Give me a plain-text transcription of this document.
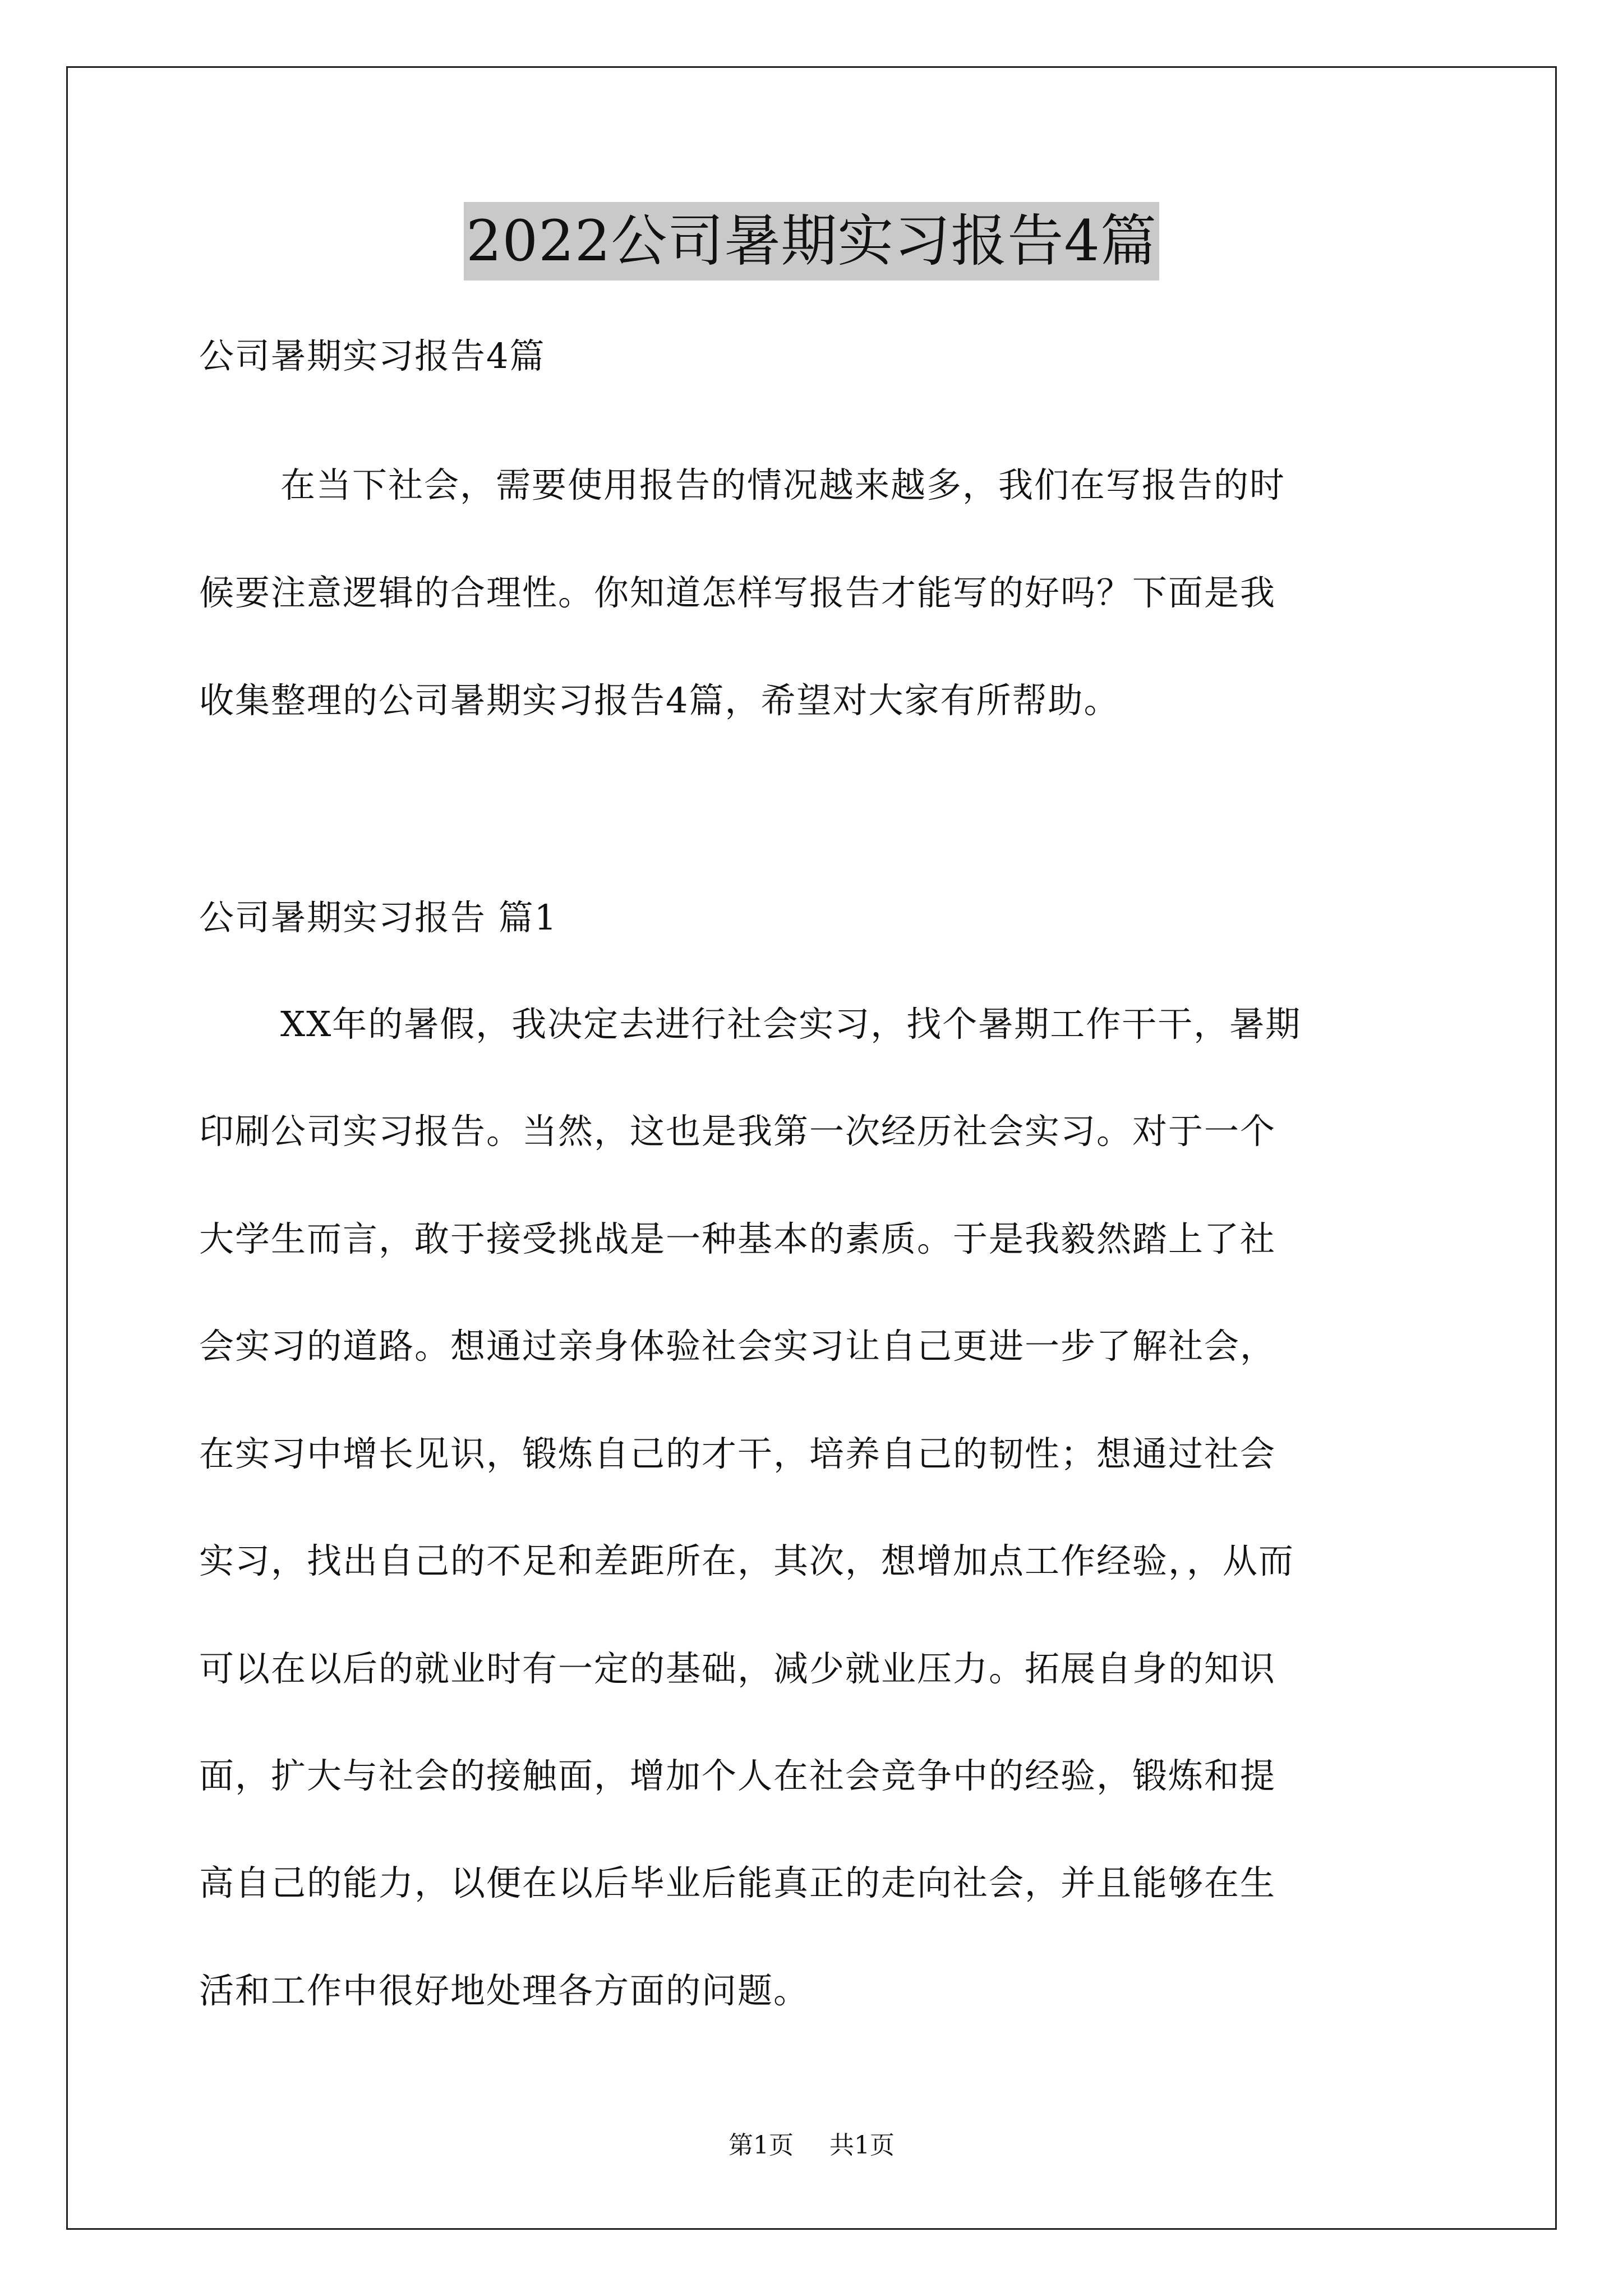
2022公司暑期实习报告4篇
公司暑期实习报告4篇
在当下社会，需要使用报告的情况越来越多，我们在写报告的时
候要注意逻辑的合理性。你知道怎样写报告才能写的好吗？下面是我
收集整理的公司暑期实习报告4篇，希望对大家有所帮助。
公司暑期实习报告 篇1
XX年的暑假，我决定去进行社会实习，找个暑期工作干干，暑期
印刷公司实习报告。当然，这也是我第一次经历社会实习。对于一个
大学生而言，敢于接受挑战是一种基本的素质。于是我毅然踏上了社
会实习的道路。想通过亲身体验社会实习让自己更进一步了解社会，
在实习中增长见识，锻炼自己的才干，培养自己的韧性；想通过社会
实习，找出自己的不足和差距所在，其次，想增加点工作经验，，从而
可以在以后的就业时有一定的基础，减少就业压力。拓展自身的知识
面，扩大与社会的接触面，增加个人在社会竞争中的经验，锻炼和提
高自己的能力，以便在以后毕业后能真正的走向社会，并且能够在生
活和工作中很好地处理各方面的问题。
第1页 共1页
